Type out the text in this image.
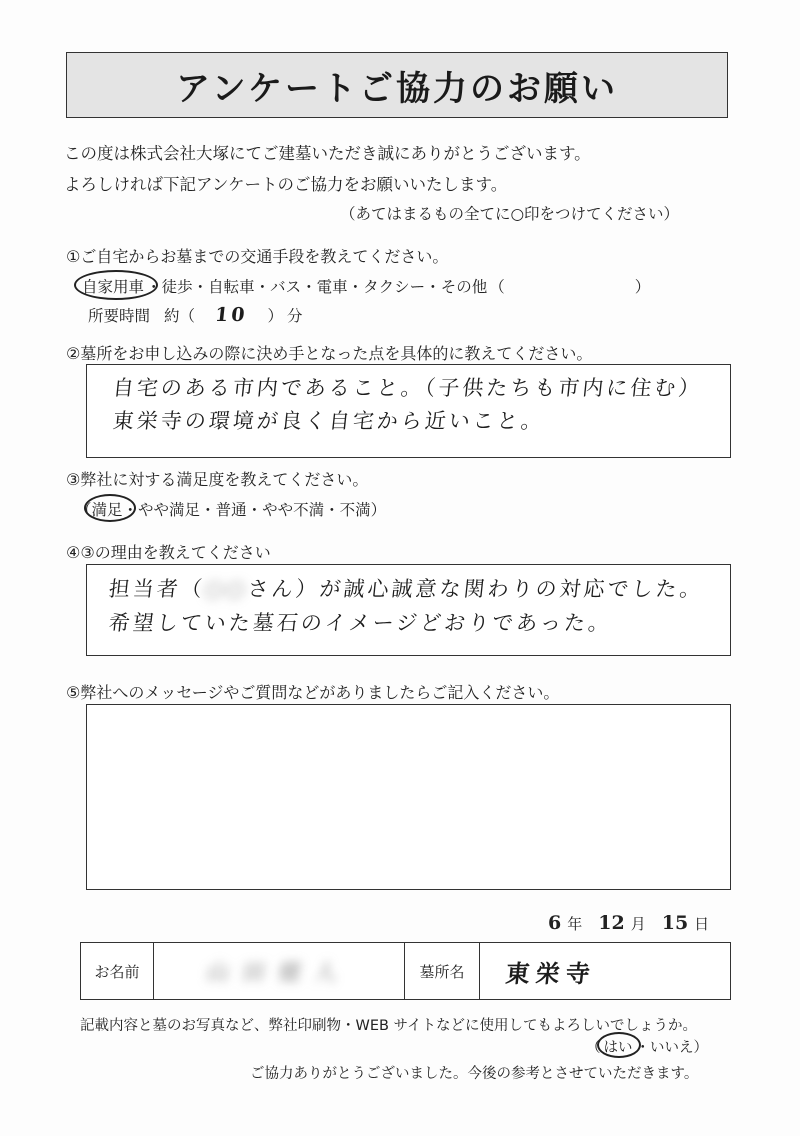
アンケートご協力のお願い
この度は株式会社大塚にてご建墓いただき誠にありがとうございます。
よろしければ下記アンケートのご協力をお願いいたします。
（あてはまるもの全てに○印をつけてください）
①ご自宅からお墓までの交通手段を教えてください。
自家用車 ・ 徒歩 ・ 自転車 ・ バス ・ 電車 ・ タクシー ・ その他 （	）
所要時間 約（ 10 ） 分
②墓所をお申し込みの際に決め手となった点を具体的に教えてください。
自宅のある市内であること。（子供たちも市内に住む）
東栄寺の環境が良く自宅から近いこと。
③弊社に対する満足度を教えてください。
（ 満足 ・ やや満足 ・ 普通 ・ やや不満 ・ 不満 ）
④③の理由を教えてください
担当者（○○さん）が誠心誠意な関わりの対応でした。
希望していた墓石のイメージどおりであった。
⑤弊社へのメッセージやご質問などがありましたらご記入ください。
6 年 12 月 15 日
お名前	山田健人	墓所名	東栄寺
記載内容と墓のお写真など、弊社印刷物・WEB サイトなどに使用してもよろしいでしょうか。
（ はい ・ いいえ ）
ご協力ありがとうございました。今後の参考とさせていただきます。
